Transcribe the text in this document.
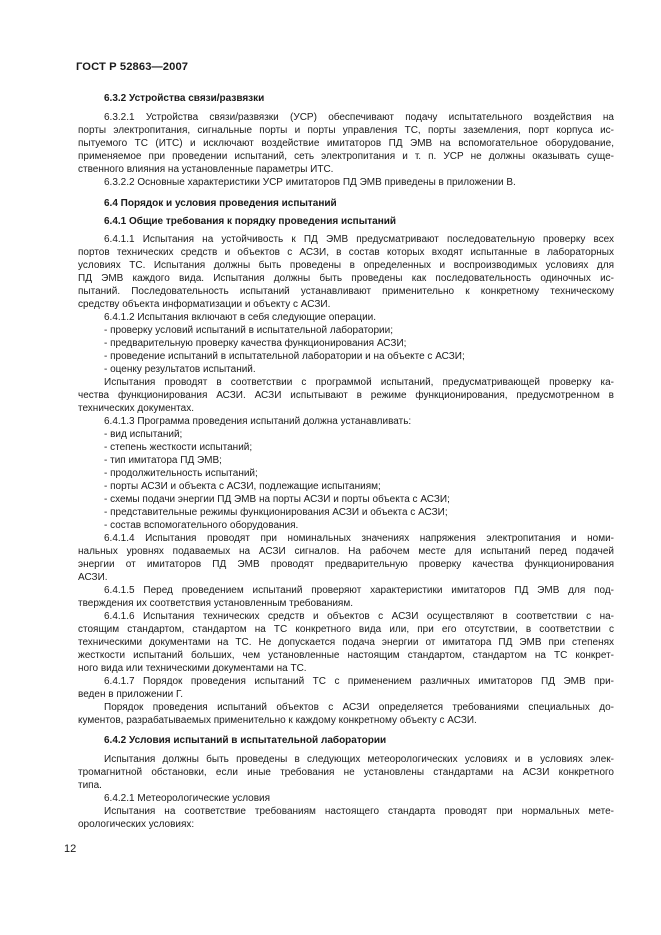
ГОСТ Р 52863—2007
6.3.2 Устройства связи/развязки
6.3.2.1 Устройства связи/развязки (УСР) обеспечивают подачу испытательного воздействия на
порты электропитания, сигнальные порты и порты управления ТС, порты заземления, порт корпуса ис-
пытуемого ТС (ИТС) и исключают воздействие имитаторов ПД ЭМВ на вспомогательное оборудование,
применяемое при проведении испытаний, сеть электропитания и т. п. УСР не должны оказывать суще-
ственного влияния на установленные параметры ИТС.
6.3.2.2 Основные характеристики УСР имитаторов ПД ЭМВ приведены в приложении В.
6.4 Порядок и условия проведения испытаний
6.4.1 Общие требования к порядку проведения испытаний
6.4.1.1 Испытания на устойчивость к ПД ЭМВ предусматривают последовательную проверку всех
портов технических средств и объектов с АСЗИ, в состав которых входят испытанные в лабораторных
условиях ТС. Испытания должны быть проведены в определенных и воспроизводимых условиях для
ПД ЭМВ каждого вида. Испытания должны быть проведены как последовательность одиночных ис-
пытаний. Последовательность испытаний устанавливают применительно к конкретному техническому
средству объекта информатизации и объекту с АСЗИ.
6.4.1.2 Испытания включают в себя следующие операции.
- проверку условий испытаний в испытательной лаборатории;
- предварительную проверку качества функционирования АСЗИ;
- проведение испытаний в испытательной лаборатории и на объекте с АСЗИ;
- оценку результатов испытаний.
Испытания проводят в соответствии с программой испытаний, предусматривающей проверку ка-
чества функционирования АСЗИ. АСЗИ испытывают в режиме функционирования, предусмотренном в
технических документах.
6.4.1.3 Программа проведения испытаний должна устанавливать:
- вид испытаний;
- степень жесткости испытаний;
- тип имитатора ПД ЭМВ;
- продолжительность испытаний;
- порты АСЗИ и объекта с АСЗИ, подлежащие испытаниям;
- схемы подачи энергии ПД ЭМВ на порты АСЗИ и порты объекта с АСЗИ;
- представительные режимы функционирования АСЗИ и объекта с АСЗИ;
- состав вспомогательного оборудования.
6.4.1.4 Испытания проводят при номинальных значениях напряжения электропитания и номи-
нальных уровнях подаваемых на АСЗИ сигналов. На рабочем месте для испытаний перед подачей
энергии от имитаторов ПД ЭМВ проводят предварительную проверку качества функционирования
АСЗИ.
6.4.1.5 Перед проведением испытаний проверяют характеристики имитаторов ПД ЭМВ для под-
тверждения их соответствия установленным требованиям.
6.4.1.6 Испытания технических средств и объектов с АСЗИ осуществляют в соответствии с на-
стоящим стандартом, стандартом на ТС конкретного вида или, при его отсутствии, в соответствии с
техническими документами на ТС. Не допускается подача энергии от имитатора ПД ЭМВ при степенях
жесткости испытаний больших, чем установленные настоящим стандартом, стандартом на ТС конкрет-
ного вида или техническими документами на ТС.
6.4.1.7 Порядок проведения испытаний ТС с применением различных имитаторов ПД ЭМВ при-
веден в приложении Г.
Порядок проведения испытаний объектов с АСЗИ определяется требованиями специальных до-
кументов, разрабатываемых применительно к каждому конкретному объекту с АСЗИ.
6.4.2 Условия испытаний в испытательной лаборатории
Испытания должны быть проведены в следующих метеорологических условиях и в условиях элек-
тромагнитной обстановки, если иные требования не установлены стандартами на АСЗИ конкретного
типа.
6.4.2.1 Метеорологические условия
Испытания на соответствие требованиям настоящего стандарта проводят при нормальных мете-
орологических условиях:
12
